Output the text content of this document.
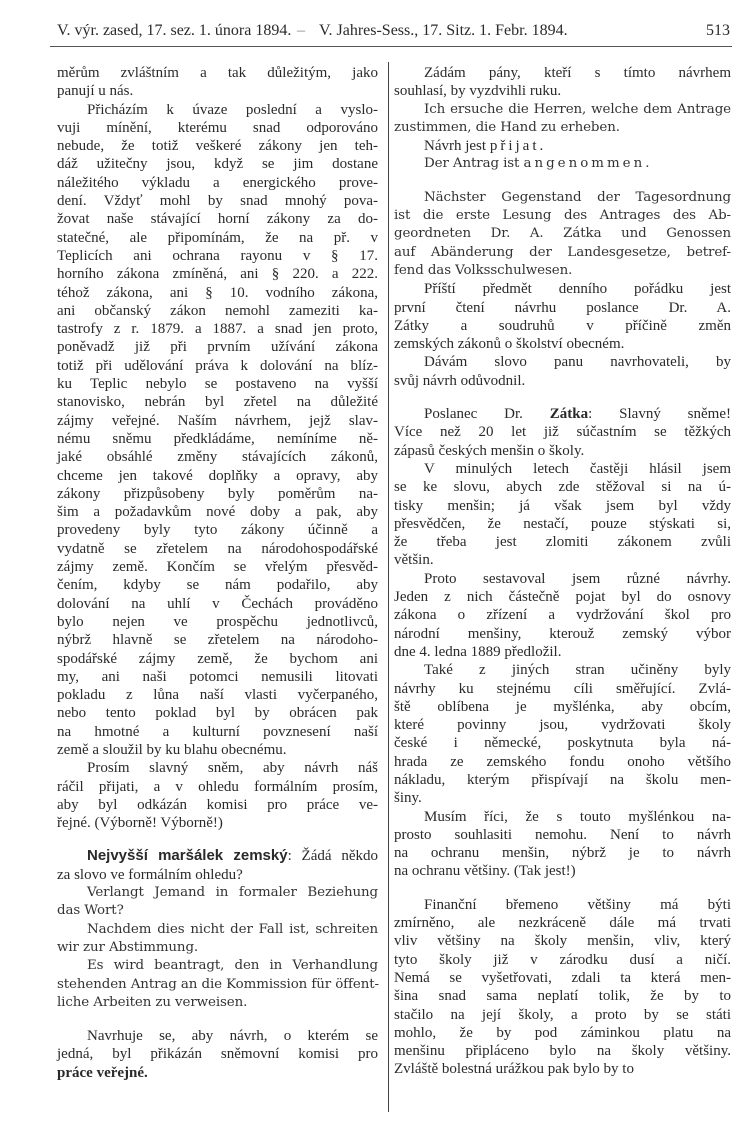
V. výr. zased, 17. sez. 1. února 1894. – V. Jahres-Sess., 17. Sitz. 1. Febr. 1894.	513
měrům zvláštním a tak důležitým, jako
panují u nás.
Přicházím k úvaze poslední a vyslo-
vuji mínění, kterému snad odporováno
nebude, že totiž veškeré zákony jen teh-
dáž užitečny jsou, když se jim dostane
náležitého výkladu a energického prove-
dení. Vždyť mohl by snad mnohý pova-
žovat naše stávající horní zákony za do-
statečné, ale připomínám, že na př. v
Teplicích ani ochrana rayonu v § 17.
horního zákona zmíněná, ani § 220. a 222.
téhož zákona, ani § 10. vodního zákona,
ani občanský zákon nemohl zameziti ka-
tastrofy z r. 1879. a 1887. a snad jen proto,
poněvadž již při prvním užívání zákona
totiž při udělování práva k dolování na blíz-
ku Teplic nebylo se postaveno na vyšší
stanovisko, nebrán byl zřetel na důležité
zájmy veřejné. Naším návrhem, jejž slav-
nému sněmu předkládáme, nemíníme ně-
jaké obsáhlé změny stávajících zákonů,
chceme jen takové doplňky a opravy, aby
zákony přizpůsobeny byly poměrům na-
šim a požadavkům nové doby a pak, aby
provedeny byly tyto zákony účinně a
vydatně se zřetelem na národohospodářské
zájmy země. Končím se vřelým přesvěd-
čením, kdyby se nám podařilo, aby
dolování na uhlí v Čechách prováděno
bylo nejen ve prospěchu jednotlivců,
nýbrž hlavně se zřetelem na národoho-
spodářské zájmy země, že bychom ani
my, ani naši potomci nemusili litovati
pokladu z lůna naší vlasti vyčerpaného,
nebo tento poklad byl by obrácen pak
na hmotné a kulturní povznesení naší
země a sloužil by ku blahu obecnému.
Prosím slavný sněm, aby návrh náš
ráčil přijati, a v ohledu formálním prosím,
aby byl odkázán komisi pro práce ve-
řejné. (Výborně! Výborně!)
Nejvyšší maršálek zemský: Žádá někdo
za slovo ve formálním ohledu?
Verlangt Jemand in formaler Beziehung
das Wort?
Nachdem dies nicht der Fall ist, schreiten
wir zur Abstimmung.
Es wird beantragt, den in Verhandlung
stehenden Antrag an die Kommission für öffent-
liche Arbeiten zu verweisen.
Navrhuje se, aby návrh, o kterém se
jedná, byl přikázán sněmovní komisi pro
práce veřejné.
Zádám pány, kteří s tímto návrhem
souhlasí, by vyzdvihli ruku.
Ich ersuche die Herren, welche dem Antrage
zustimmen, die Hand zu erheben.
Návrh jest přijat.
Der Antrag ist angenommen.
Nächster Gegenstand der Tagesordnung
ist die erste Lesung des Antrages des Ab-
geordneten Dr. A. Zátka und Genossen
auf Abänderung der Landesgesetze, betref-
fend das Volksschulwesen.
Příští předmět denního pořádku jest
první čtení návrhu poslance Dr. A.
Zátky a soudruhů v příčině změn
zemských zákonů o školství obecném.
Dávám slovo panu navrhovateli, by
svůj návrh odůvodnil.
Poslanec Dr. Zátka: Slavný sněme!
Více než 20 let již súčastním se těžkých
zápasů českých menšin o školy.
V minulých letech častěji hlásil jsem
se ke slovu, abych zde stěžoval si na ú-
tisky menšin; já však jsem byl vždy
přesvědčen, že nestačí, pouze stýskati si,
že třeba jest zlomiti zákonem zvůli
většin.
Proto sestavoval jsem různé návrhy.
Jeden z nich částečně pojat byl do osnovy
zákona o zřízení a vydržování škol pro
národní menšiny, kterouž zemský výbor
dne 4. ledna 1889 předložil.
Také z jiných stran učiněny byly
návrhy ku stejnému cíli směřující. Zvlá-
ště oblíbena je myšlénka, aby obcím,
které povinny jsou, vydržovati školy
české i německé, poskytnuta byla ná-
hrada ze zemského fondu onoho většího
nákladu, kterým přispívají na školu men-
šiny.
Musím říci, že s touto myšlénkou na-
prosto souhlasiti nemohu. Není to návrh
na ochranu menšin, nýbrž je to návrh
na ochranu většiny. (Tak jest!)
Finanční břemeno většiny má býti
zmírněno, ale nezkráceně dále má trvati
vliv většiny na školy menšin, vliv, který
tyto školy již v zárodku dusí a ničí.
Nemá se vyšetřovati, zdali ta která men-
šina snad sama neplatí tolik, že by to
stačilo na její školy, a proto by se státi
mohlo, že by pod záminkou platu na
menšinu připláceno bylo na školy většiny.
Zvláště bolestná urážkou pak bylo by to
